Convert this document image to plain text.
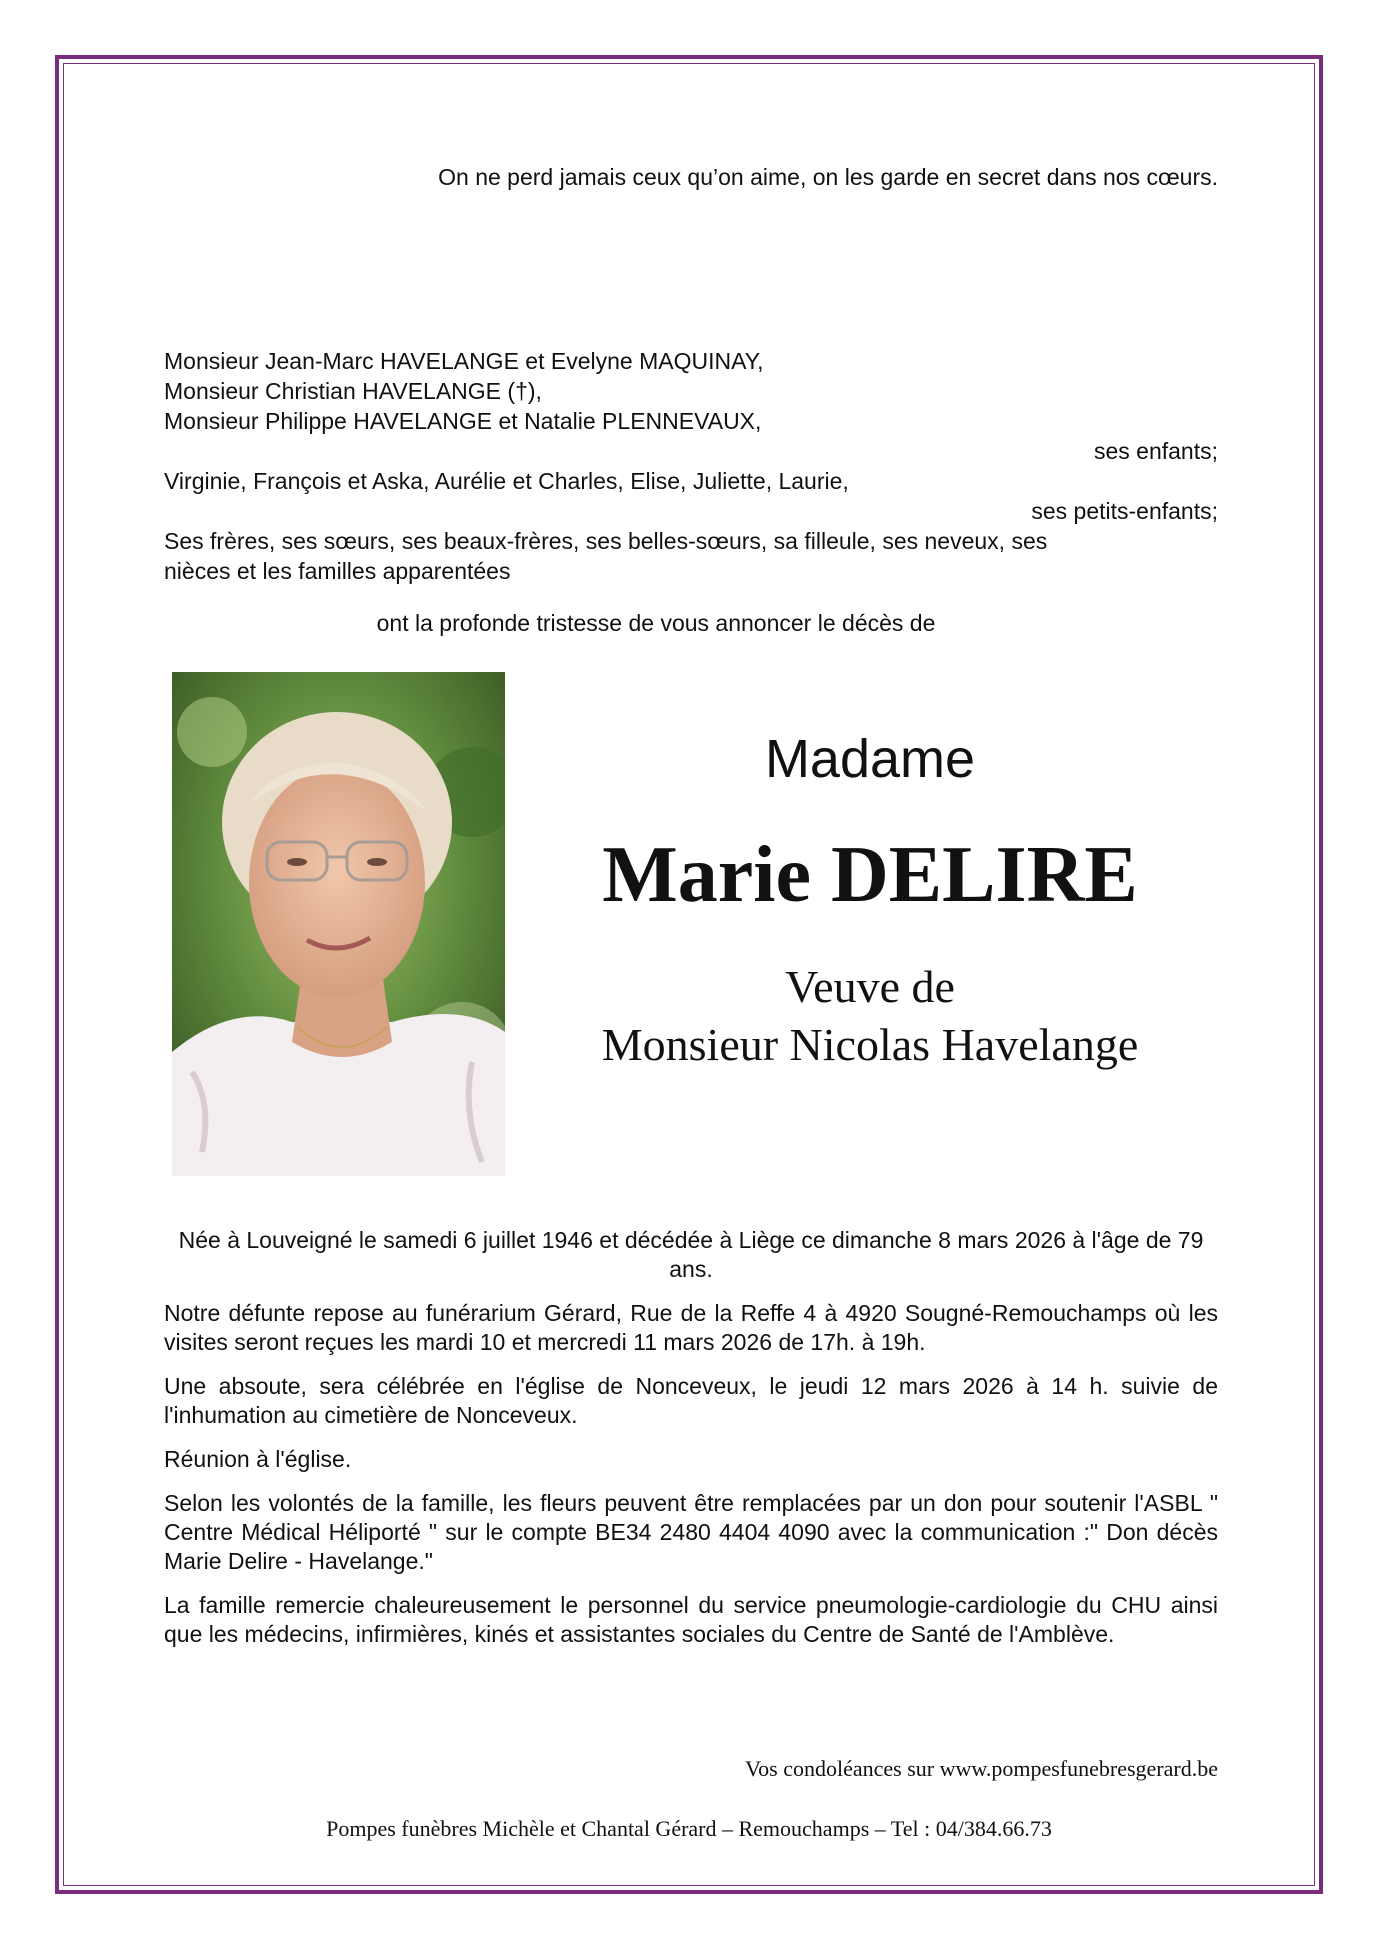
On ne perd jamais ceux qu’on aime, on les garde en secret dans nos cœurs.

Monsieur Jean-Marc HAVELANGE et Evelyne MAQUINAY,

Monsieur Christian HAVELANGE (†),

Monsieur Philippe HAVELANGE et Natalie PLENNEVAUX,

ses enfants;

Virginie, François et Aska, Aurélie et Charles, Elise, Juliette, Laurie,

ses petits-enfants;

Ses frères, ses sœurs, ses beaux-frères, ses belles-sœurs, sa filleule, ses neveux, ses

nièces et les familles apparentées

ont la profonde tristesse de vous annoncer le décès de

Madame

Marie DELIRE

Veuve de
Monsieur Nicolas Havelange

Née à Louveigné le samedi 6 juillet 1946 et décédée à Liège ce dimanche 8 mars 2026 à l'âge de 79 ans.

Notre défunte repose au funérarium Gérard, Rue de la Reffe 4 à 4920 Sougné-Remouchamps où les visites seront reçues les mardi 10 et mercredi 11 mars 2026 de 17h. à 19h.

Une absoute, sera célébrée en l'église de Nonceveux, le jeudi 12 mars 2026 à 14 h. suivie de l'inhumation au cimetière de Nonceveux.

Réunion à l'église.

Selon les volontés de la famille, les fleurs peuvent être remplacées par un don pour soutenir l'ASBL " Centre Médical Héliporté " sur le compte BE34 2480 4404 4090 avec la communication :" Don décès Marie Delire - Havelange."

La famille remercie chaleureusement le personnel du service pneumologie-cardiologie du CHU ainsi que les médecins, infirmières, kinés et assistantes sociales du Centre de Santé de l'Amblève.

Vos condoléances sur www.pompesfunebresgerard.be

Pompes funèbres Michèle et Chantal Gérard – Remouchamps – Tel : 04/384.66.73
